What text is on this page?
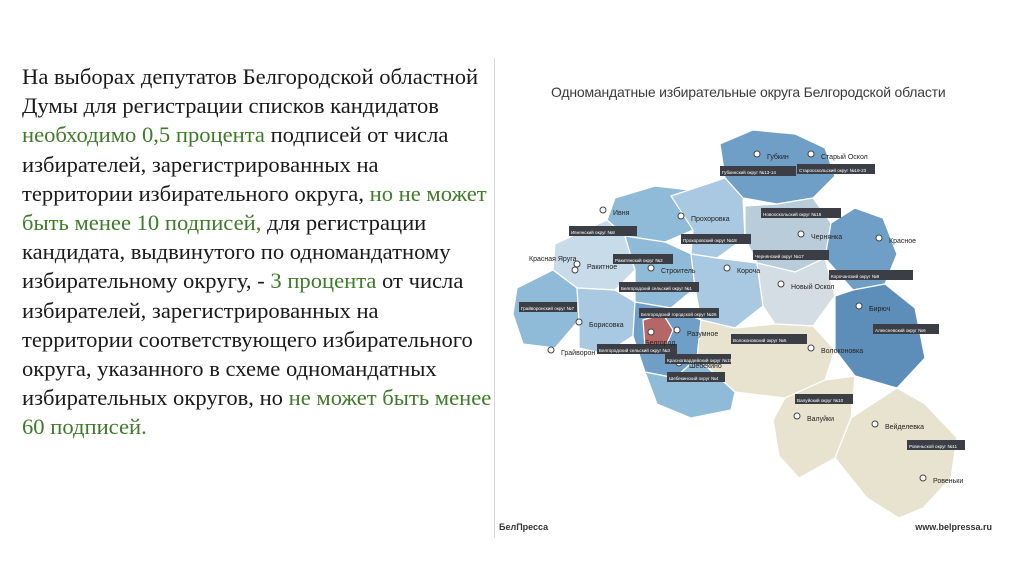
На выборах депутатов Белгородской областной Думы для регистрации списков кандидатов необходимо 0,5 процента подписей от числа избирателей, зарегистрированных на территории избирательного округа, но не может быть менее 10 подписей, для регистрации кандидата, выдвинутого по одномандатному избирательному округу, - 3 процента от числа избирателей, зарегистрированных на территории соответствующего избирательного округа, указанного в схеме одномандатных избирательных округов, но не может быть менее 60 подписей.
Одномандатные избирательные округа Белгородской области
Губкин	Старый Оскол
Ивня
Прохоровка
Ракитное
Строитель
Чернянка
Красная Яруга
Корочa
Новый Оскол
Красное
Борисовка
Белгород
Разумное
Бирюч
Грайворон
Шебекино
Волоконовка
Валуйки
Вейделевка
Ровеньки
Губкинский округ №13-14	Старооскольский округ №19-23
Ивнянский округ №8
Прохоровский округ №18
Ракитянский округ №2
Чернянский округ №17
Белгородский сельский округ №1
Корочанский округ №9
Грайворонский округ №7
Белгородский городской округ №26
Белгородский сельский округ №3
Шебекинский округ №4
Волоконовский округ №5
Алексеевский округ №6
Валуйский округ №10
Ровеньской округ №11
Новооскольский округ №16
Красногвардейский округ №15
БелПресса	www.belpressa.ru
